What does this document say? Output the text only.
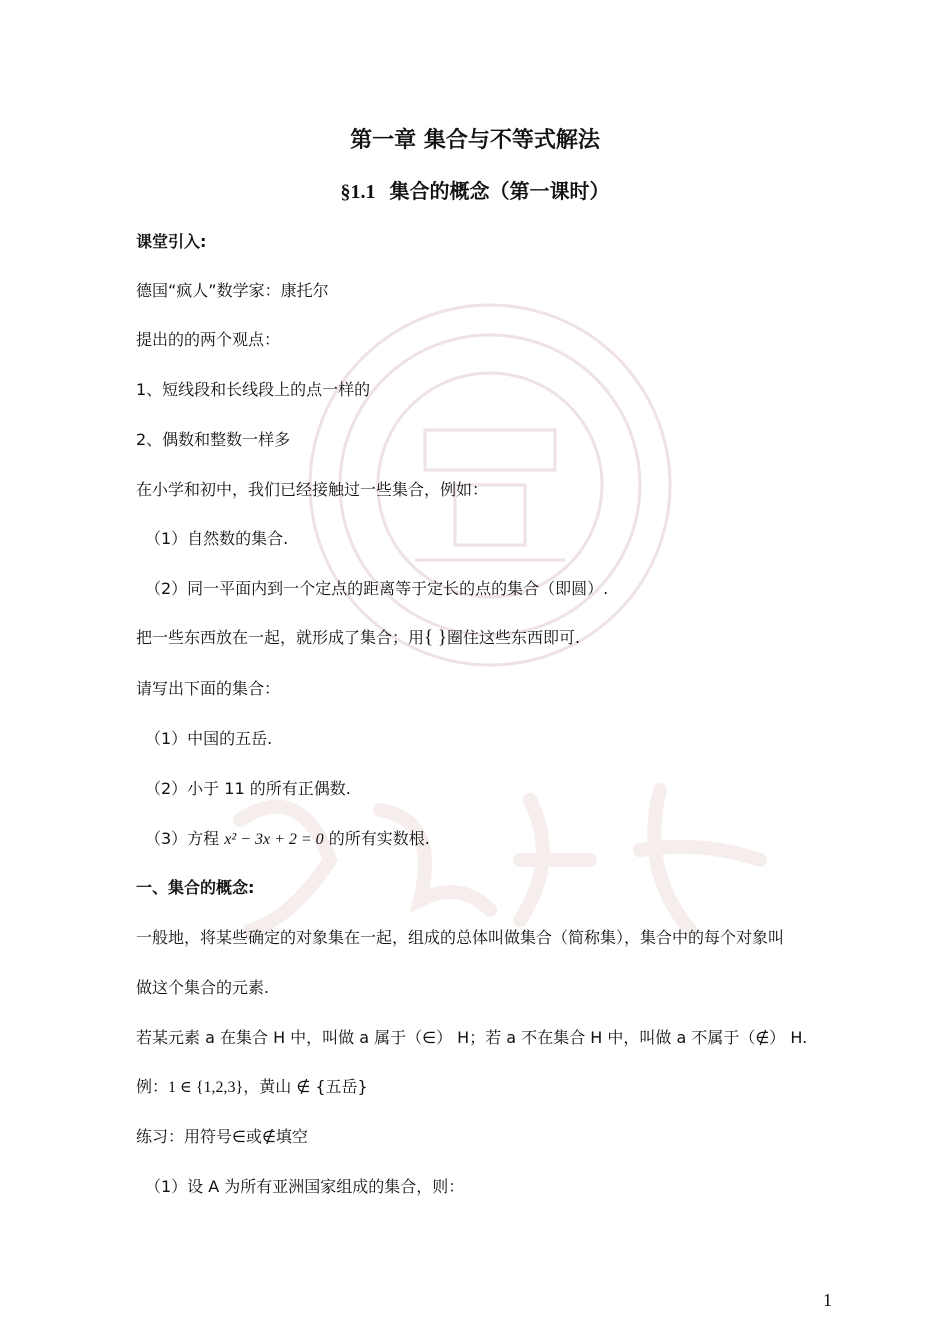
第一章 集合与不等式解法
§1.1 集合的概念（第一课时）
课堂引入:
德国“疯人”数学家：康托尔
提出的的两个观点：
1、短线段和长线段上的点一样的
2、偶数和整数一样多
在小学和初中，我们已经接触过一些集合，例如：
（1）自然数的集合.
（2）同一平面内到一个定点的距离等于定长的点的集合（即圆）.
把一些东西放在一起，就形成了集合；用{ }圈住这些东西即可.
请写出下面的集合：
（1）中国的五岳.
（2）小于 11 的所有正偶数.
（3）方程 x² − 3x + 2 = 0 的所有实数根.
一、集合的概念:
一般地，将某些确定的对象集在一起，组成的总体叫做集合（简称集），集合中的每个对象叫
做这个集合的元素.
若某元素 a 在集合 H 中，叫做 a 属于（∈） H；若 a 不在集合 H 中，叫做 a 不属于（∉） H.
例：1 ∈ {1,2,3}，黄山 ∉ {五岳}
练习：用符号∈或∉填空
（1）设 A 为所有亚洲国家组成的集合，则：
1
